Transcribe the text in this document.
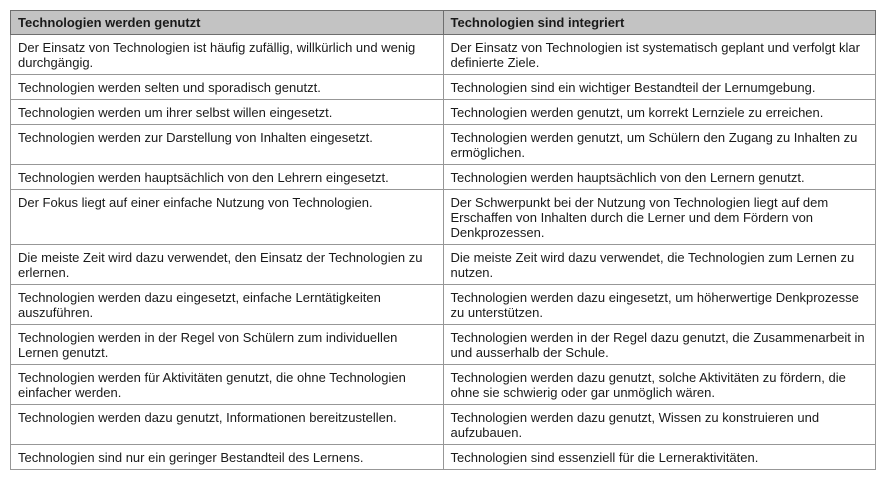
Technologien werden genutzt	Technologien sind integriert
Der Einsatz von Technologien ist häufig zufällig, willkürlich und wenig durchgängig.	Der Einsatz von Technologien ist systematisch geplant und verfolgt klar definierte Ziele.
Technologien werden selten und sporadisch genutzt.	Technologien sind ein wichtiger Bestandteil der Lernumgebung.
Technologien werden um ihrer selbst willen eingesetzt.	Technologien werden genutzt, um korrekt Lernziele zu erreichen.
Technologien werden zur Darstellung von Inhalten eingesetzt.	Technologien werden genutzt, um Schülern den Zugang zu Inhalten zu ermöglichen.
Technologien werden hauptsächlich von den Lehrern eingesetzt.	Technologien werden hauptsächlich von den Lernern genutzt.
Der Fokus liegt auf einer einfache Nutzung von Technologien.	Der Schwerpunkt bei der Nutzung von Technologien liegt auf dem Erschaffen von Inhalten durch die Lerner und dem Fördern von Denkprozessen.
Die meiste Zeit wird dazu verwendet, den Einsatz der Technologien zu erlernen.	Die meiste Zeit wird dazu verwendet, die Technologien zum Lernen zu nutzen.
Technologien werden dazu eingesetzt, einfache Lerntätigkeiten auszuführen.	Technologien werden dazu eingesetzt, um höherwertige Denkprozesse zu unterstützen.
Technologien werden in der Regel von Schülern zum individuellen Lernen genutzt.	Technologien werden in der Regel dazu genutzt, die Zusammenarbeit in und ausserhalb der Schule.
Technologien werden für Aktivitäten genutzt, die ohne Technologien einfacher werden.	Technologien werden dazu genutzt, solche Aktivitäten zu fördern, die ohne sie schwierig oder gar unmöglich wären.
Technologien werden dazu genutzt, Informationen bereitzustellen.	Technologien werden dazu genutzt, Wissen zu konstruieren und aufzubauen.
Technologien sind nur ein geringer Bestandteil des Lernens.	Technologien sind essenziell für die Lerneraktivitäten.
